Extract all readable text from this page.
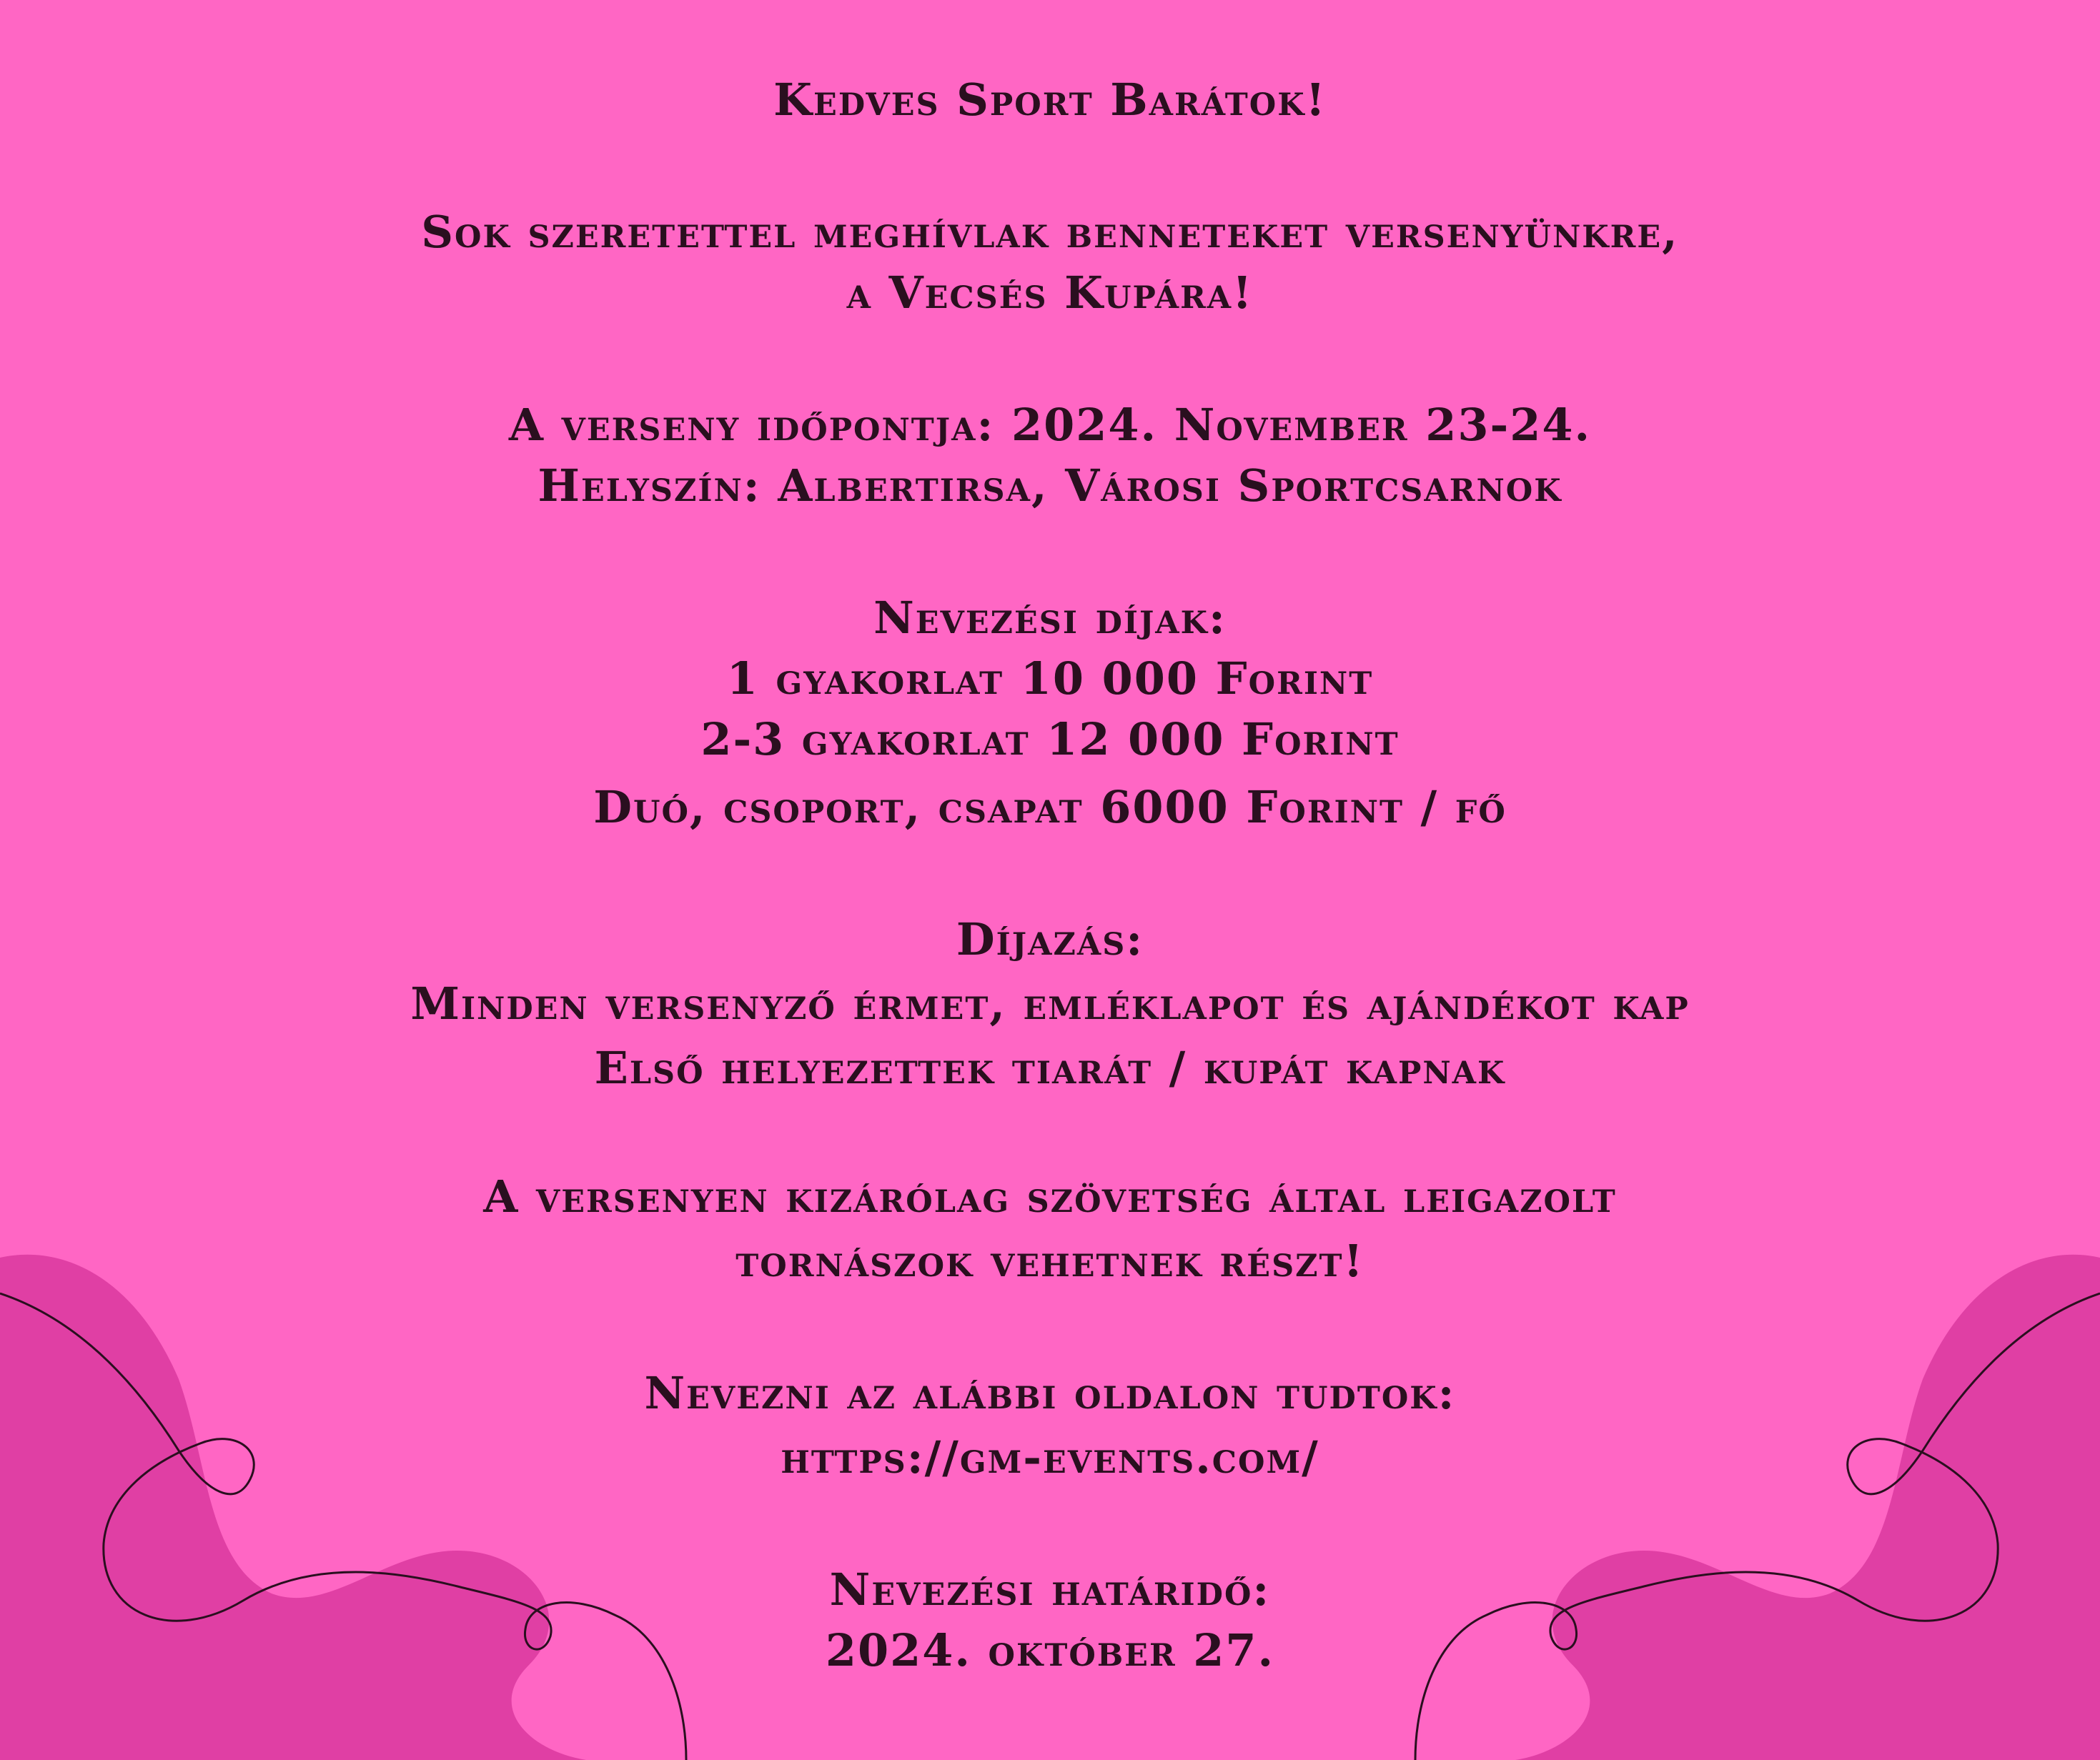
Kedves Sport Barátok!
Sok szeretettel meghívlak benneteket versenyünkre,
a Vecsés Kupára!
A verseny időpontja: 2024. November 23-24.
Helyszín: Albertirsa, Városi Sportcsarnok
Nevezési díjak:
1 gyakorlat 10 000 Forint
2-3 gyakorlat 12 000 Forint
Duó, csoport, csapat 6000 Forint / fő
Díjazás:
Minden versenyző érmet, emléklapot és ajándékot kap
Első helyezettek tiarát / kupát kapnak
A versenyen kizárólag szövetség által leigazolt
tornászok vehetnek részt!
Nevezni az alábbi oldalon tudtok:
https://gm-events.com/
Nevezési határidő:
2024. október 27.
